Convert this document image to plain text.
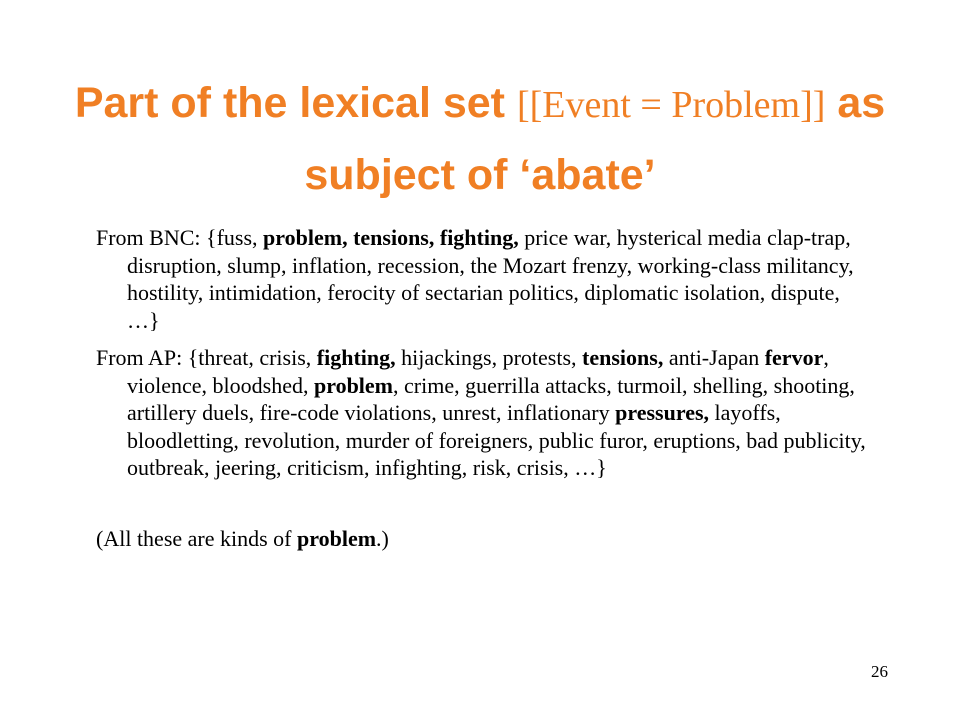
Part of the lexical set [[Event = Problem]] as subject of ‘abate’

From BNC: {fuss, problem, tensions, fighting, price war, hysterical media clap-trap, disruption, slump, inflation, recession, the Mozart frenzy, working-class militancy, hostility, intimidation, ferocity of sectarian politics, diplomatic isolation, dispute, …}

From AP: {threat, crisis, fighting, hijackings, protests, tensions, anti-Japan fervor, violence, bloodshed, problem, crime, guerrilla attacks, turmoil, shelling, shooting, artillery duels, fire-code violations, unrest, inflationary pressures, layoffs, bloodletting, revolution, murder of foreigners, public furor, eruptions, bad publicity, outbreak, jeering, criticism, infighting, risk, crisis, …}

(All these are kinds of problem.)

26
